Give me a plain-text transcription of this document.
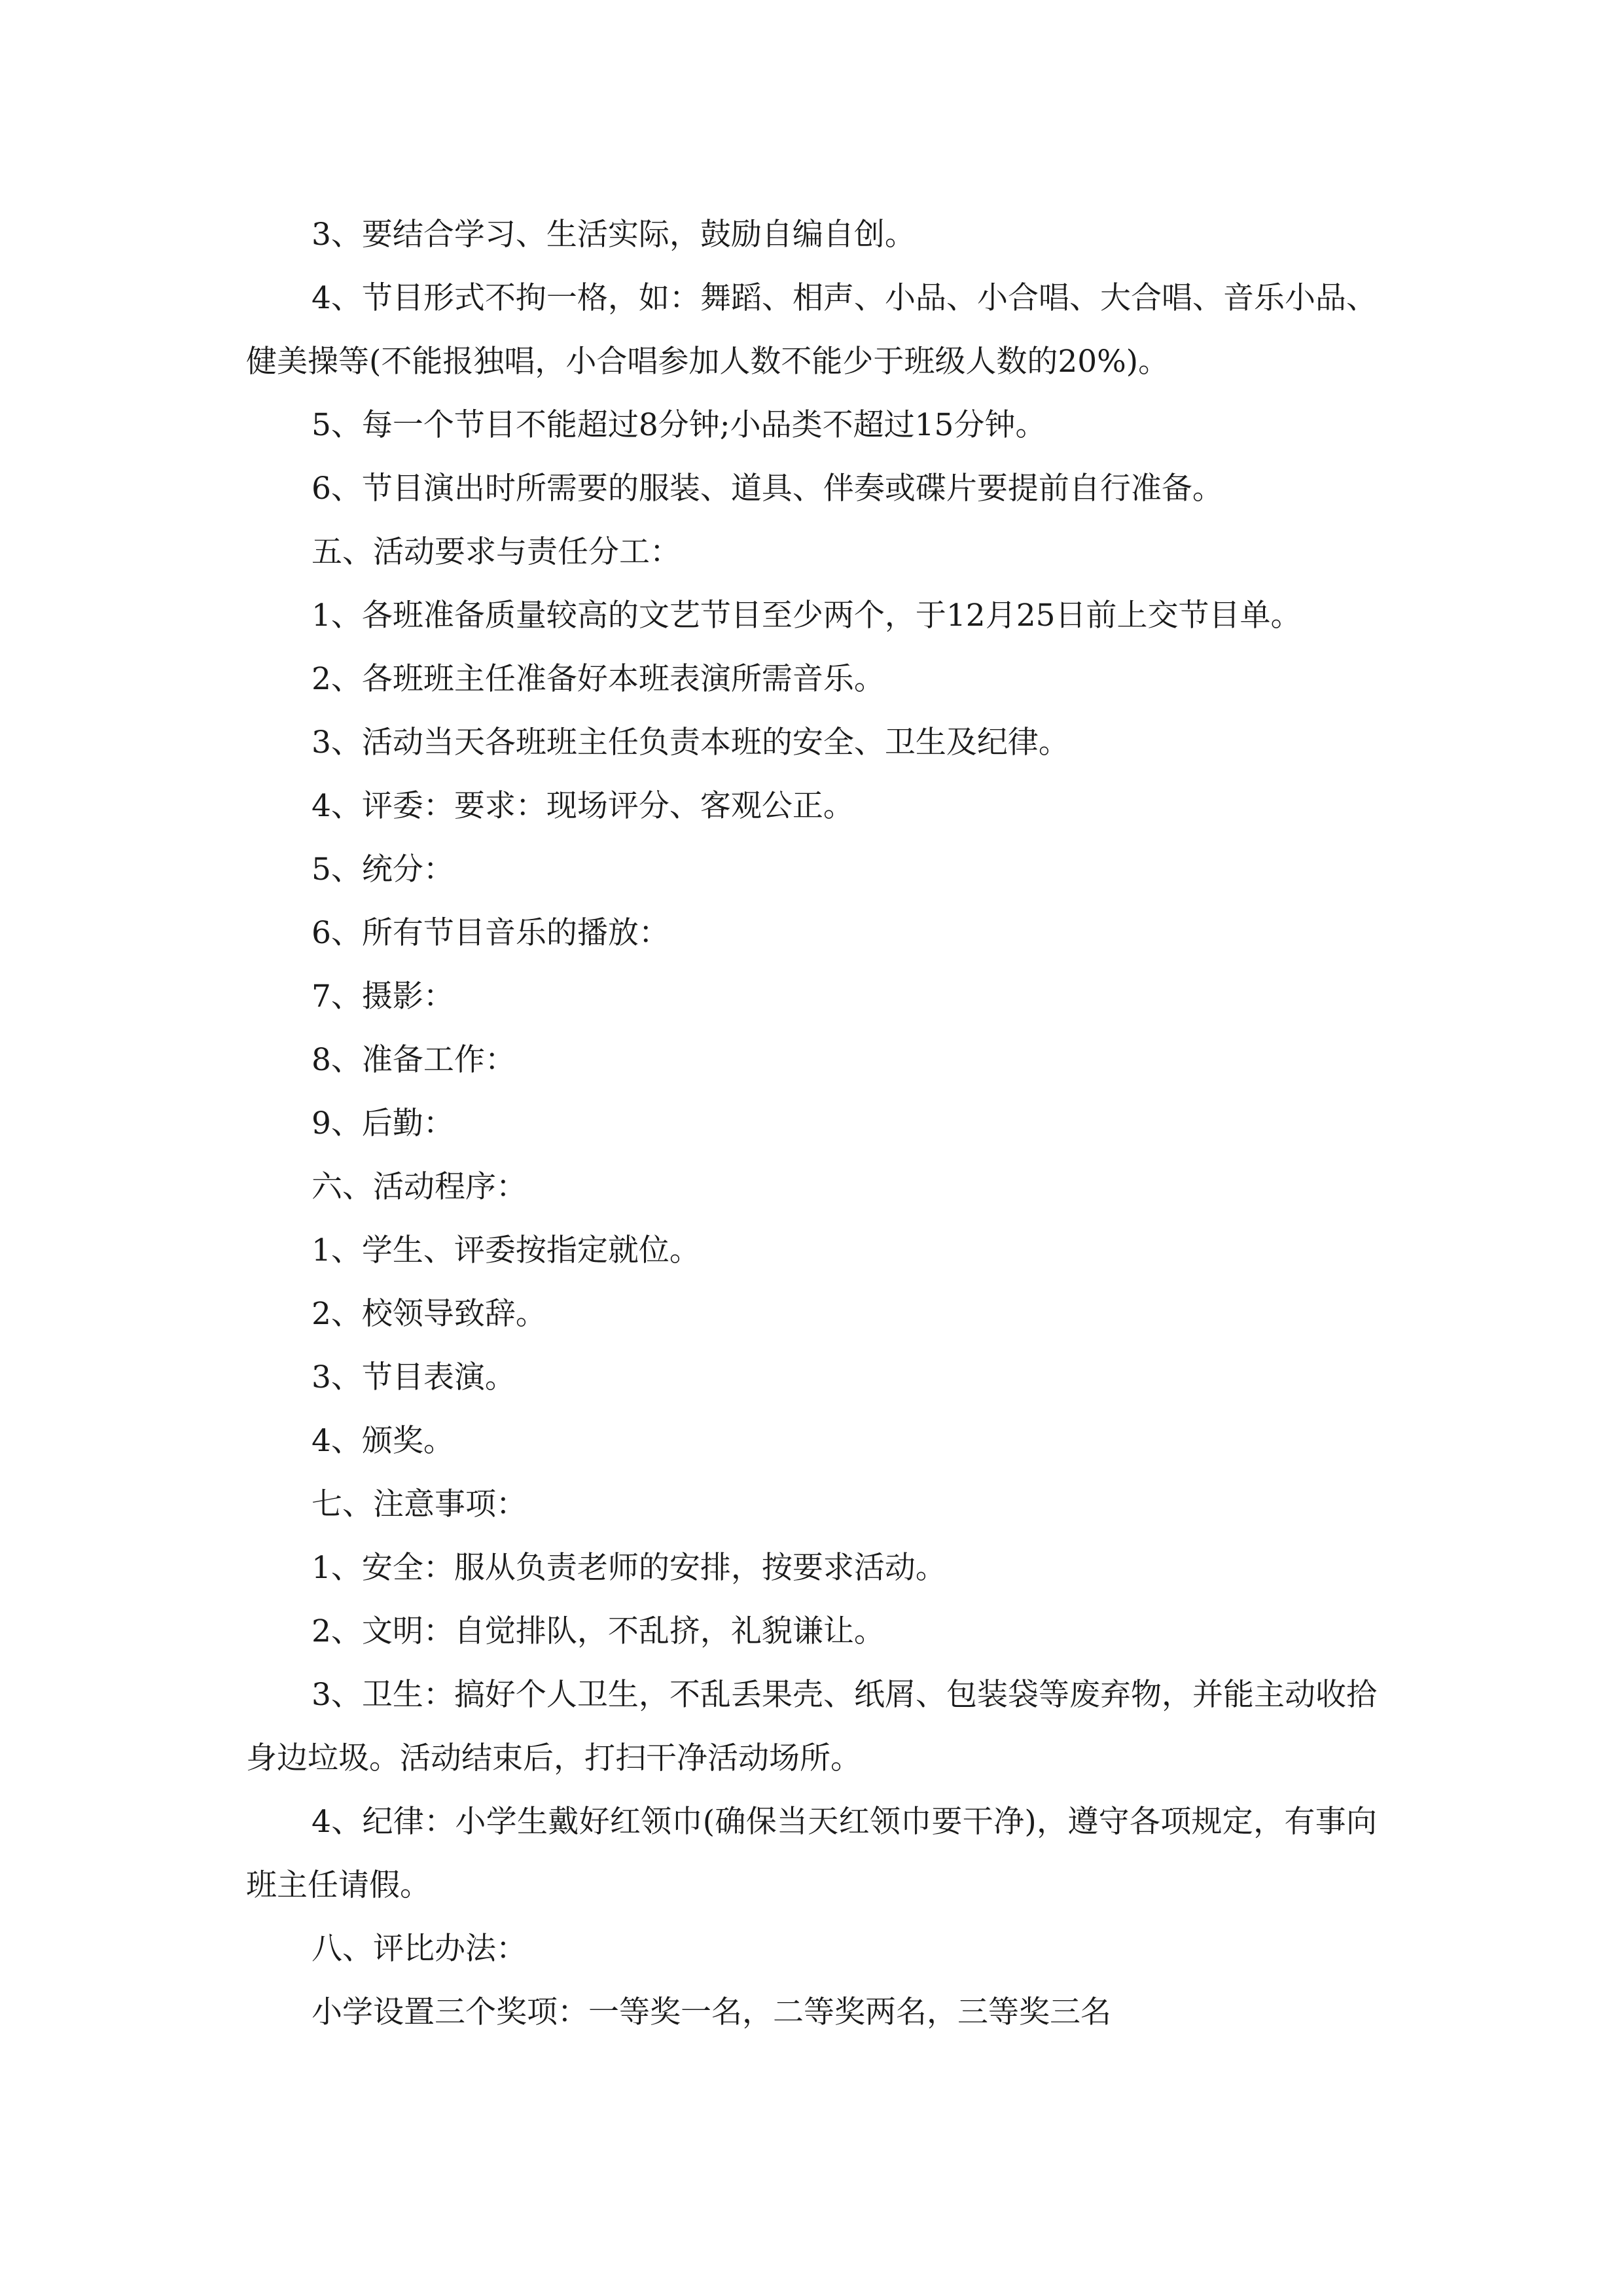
3、要结合学习、生活实际，鼓励自编自创。

4、节目形式不拘一格，如：舞蹈、相声、小品、小合唱、大合唱、音乐小品、健美操等(不能报独唱，小合唱参加人数不能少于班级人数的20%)。

5、每一个节目不能超过8分钟;小品类不超过15分钟。

6、节目演出时所需要的服装、道具、伴奏或碟片要提前自行准备。

五、活动要求与责任分工：

1、各班准备质量较高的文艺节目至少两个，于12月25日前上交节目单。

2、各班班主任准备好本班表演所需音乐。

3、活动当天各班班主任负责本班的安全、卫生及纪律。

4、评委：要求：现场评分、客观公正。

5、统分：

6、所有节目音乐的播放：

7、摄影：

8、准备工作：

9、后勤：

六、活动程序：

1、学生、评委按指定就位。

2、校领导致辞。

3、节目表演。

4、颁奖。

七、注意事项：

1、安全：服从负责老师的安排，按要求活动。

2、文明：自觉排队，不乱挤，礼貌谦让。

3、卫生：搞好个人卫生，不乱丢果壳、纸屑、包装袋等废弃物，并能主动收拾身边垃圾。活动结束后，打扫干净活动场所。

4、纪律：小学生戴好红领巾(确保当天红领巾要干净)，遵守各项规定，有事向班主任请假。

八、评比办法：

小学设置三个奖项：一等奖一名，二等奖两名，三等奖三名
